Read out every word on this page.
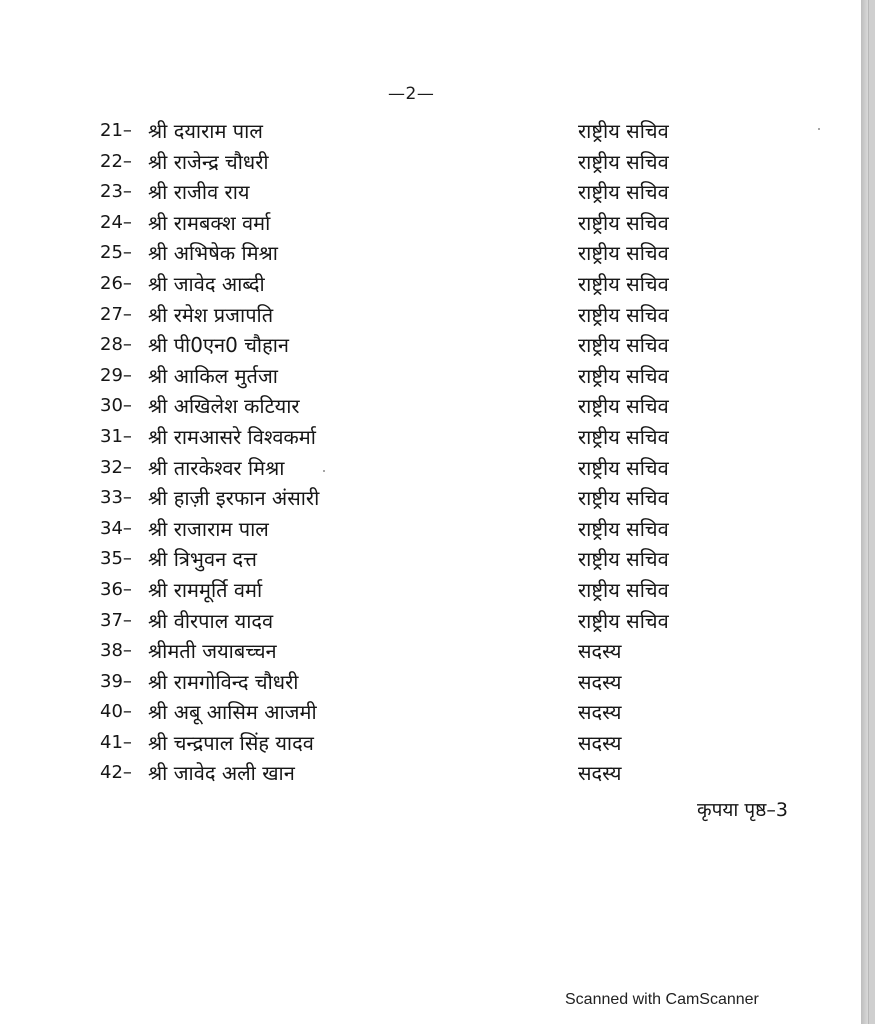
—2—
21– श्री दयाराम पाल	राष्ट्रीय सचिव
22– श्री राजेन्द्र चौधरी	राष्ट्रीय सचिव
23– श्री राजीव राय	राष्ट्रीय सचिव
24– श्री रामबक्श वर्मा	राष्ट्रीय सचिव
25– श्री अभिषेक मिश्रा	राष्ट्रीय सचिव
26– श्री जावेद आब्दी	राष्ट्रीय सचिव
27– श्री रमेश प्रजापति	राष्ट्रीय सचिव
28– श्री पी0एन0 चौहान	राष्ट्रीय सचिव
29– श्री आकिल मुर्तजा	राष्ट्रीय सचिव
30– श्री अखिलेश कटियार	राष्ट्रीय सचिव
31– श्री रामआसरे विश्वकर्मा	राष्ट्रीय सचिव
32– श्री तारकेश्वर मिश्रा	राष्ट्रीय सचिव
33– श्री हाज़ी इरफान अंसारी	राष्ट्रीय सचिव
34– श्री राजाराम पाल	राष्ट्रीय सचिव
35– श्री त्रिभुवन दत्त	राष्ट्रीय सचिव
36– श्री राममूर्ति वर्मा	राष्ट्रीय सचिव
37– श्री वीरपाल यादव	राष्ट्रीय सचिव
38– श्रीमती जयाबच्चन	सदस्य
39– श्री रामगोविन्द चौधरी	सदस्य
40– श्री अबू आसिम आजमी	सदस्य
41– श्री चन्द्रपाल सिंह यादव	सदस्य
42– श्री जावेद अली खान	सदस्य
कृपया पृष्ठ–3
Scanned with CamScanner
